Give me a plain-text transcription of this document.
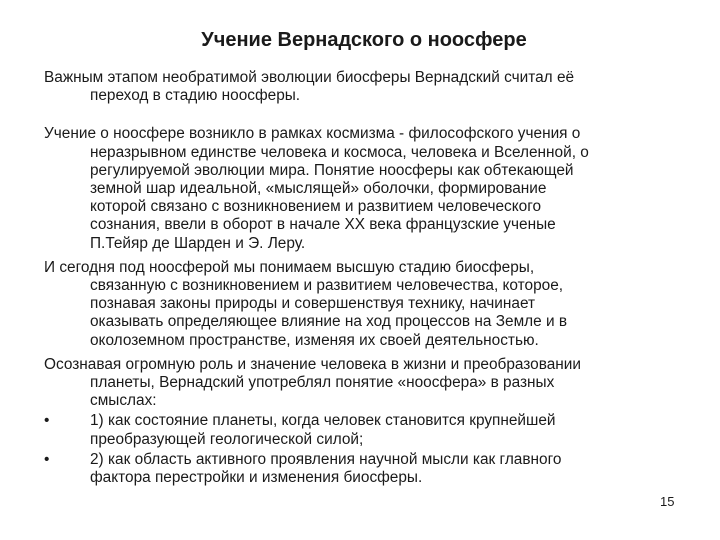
Учение Вернадского о ноосфере
Важным этапом необратимой эволюции биосферы Вернадский считал её
переход в стадию ноосферы.
Учение о ноосфере возникло в рамках космизма - философского учения о
неразрывном единстве человека и космоса, человека и Вселенной, о
регулируемой эволюции мира. Понятие ноосферы как обтекающей
земной шар идеальной, «мыслящей» оболочки, формирование
которой связано с возникновением и развитием человеческого
сознания, ввели в оборот в начале XX века французские ученые
П.Тейяр де Шарден и Э. Леру.
И сегодня под ноосферой мы понимаем высшую стадию биосферы,
связанную с возникновением и развитием человечества, которое,
познавая законы природы и совершенствуя технику, начинает
оказывать определяющее влияние на ход процессов на Земле и в
околоземном пространстве, изменяя их своей деятельностью.
Осознавая огромную роль и значение человека в жизни и преобразовании
планеты, Вернадский употреблял понятие «ноосфера» в разных
смыслах:
•	1) как состояние планеты, когда человек становится крупнейшей
преобразующей геологической силой;
•	2) как область активного проявления научной мысли как главного
фактора перестройки и изменения биосферы.
15
